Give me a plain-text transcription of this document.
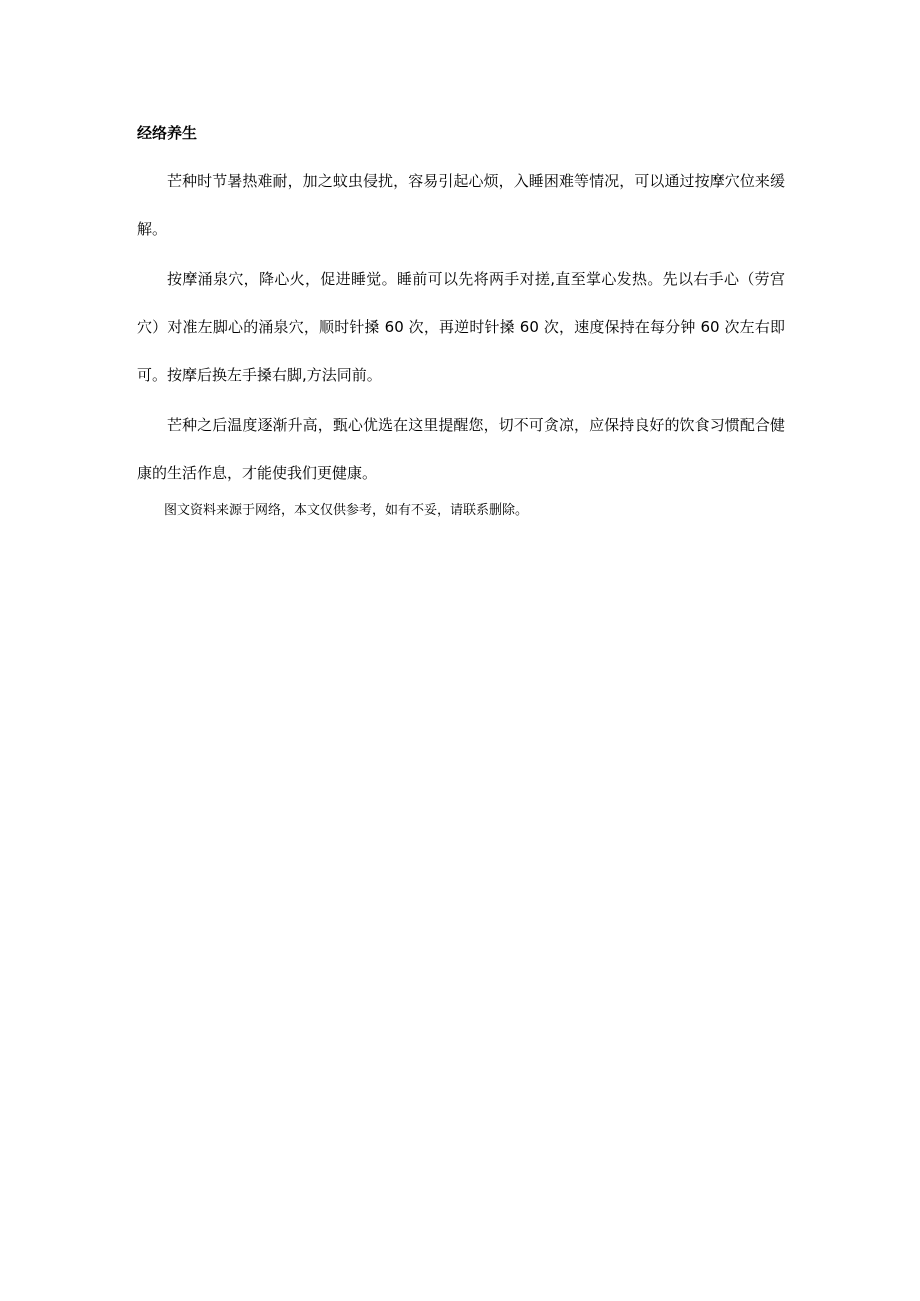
经络养生

芒种时节暑热难耐，加之蚊虫侵扰，容易引起心烦，入睡困难等情况，可以通过按摩穴位来缓解。

按摩涌泉穴，降心火，促进睡觉。睡前可以先将两手对搓,直至掌心发热。先以右手心（劳宫穴）对准左脚心的涌泉穴，顺时针搡 60 次，再逆时针搡 60 次，速度保持在每分钟 60 次左右即可。按摩后换左手搡右脚,方法同前。

芒种之后温度逐渐升高，甄心优选在这里提醒您，切不可贪凉，应保持良好的饮食习惯配合健康的生活作息，才能使我们更健康。

图文资料来源于网络，本文仅供参考，如有不妥，请联系删除。
